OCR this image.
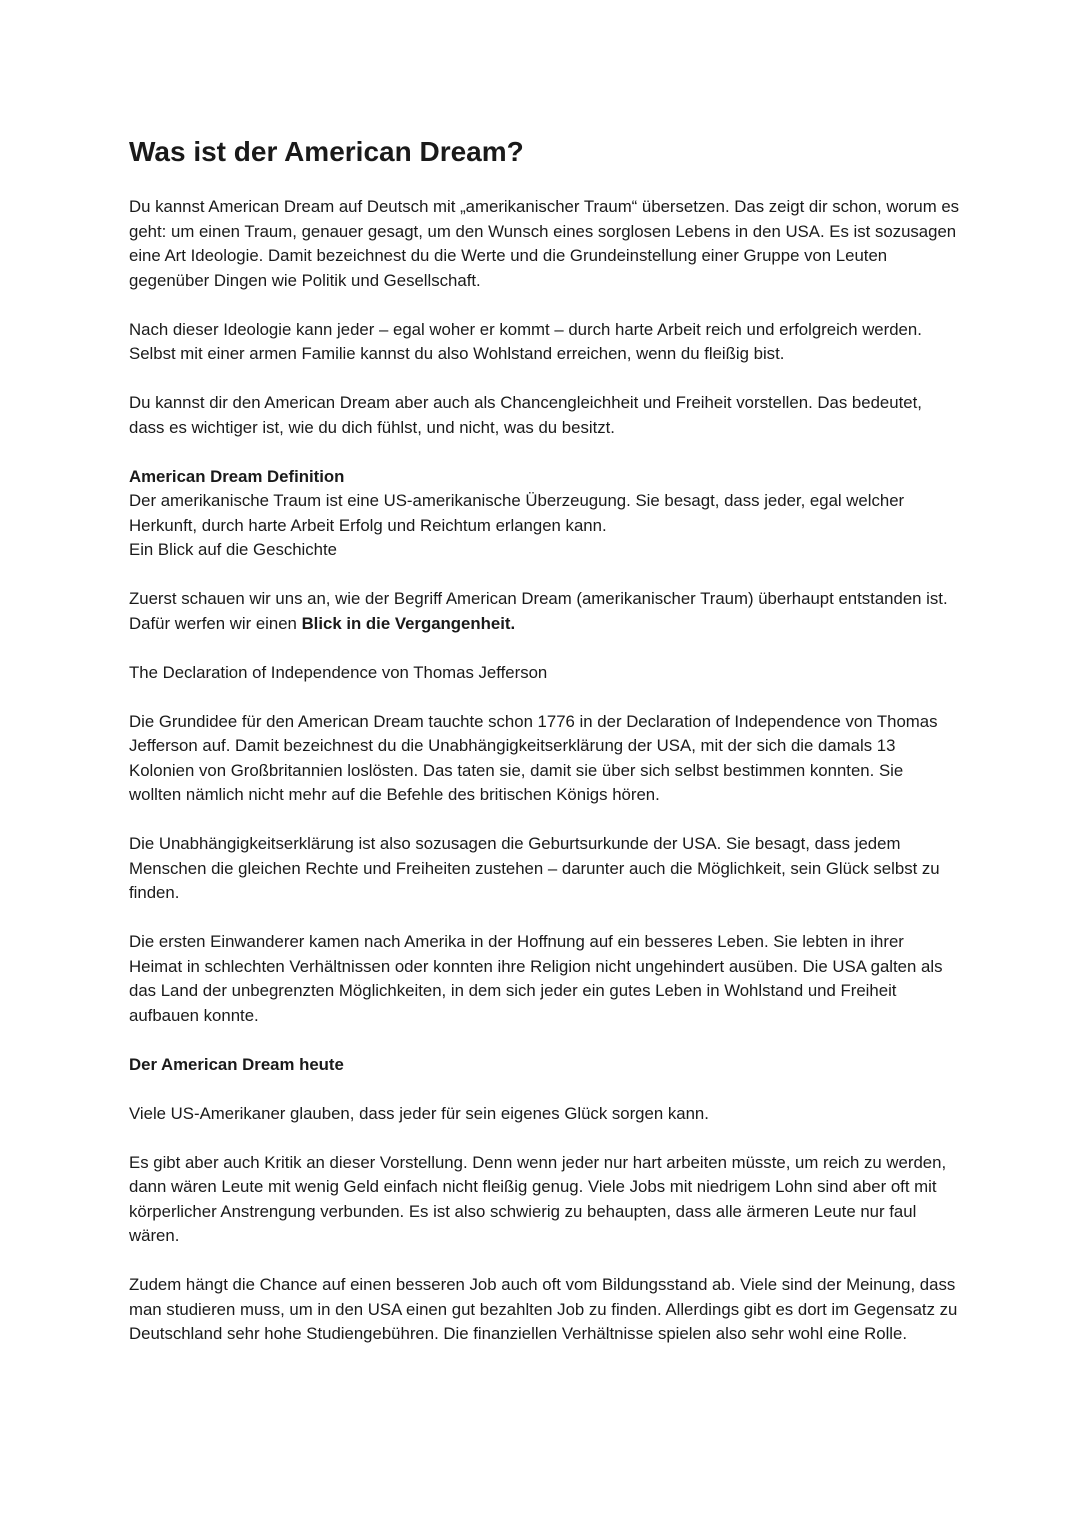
Was ist der American Dream?

Du kannst American Dream auf Deutsch mit „amerikanischer Traum“ übersetzen. Das zeigt dir schon, worum es geht: um einen Traum, genauer gesagt, um den Wunsch eines sorglosen Lebens in den USA. Es ist sozusagen eine Art Ideologie. Damit bezeichnest du die Werte und die Grundeinstellung einer Gruppe von Leuten gegenüber Dingen wie Politik und Gesellschaft.

Nach dieser Ideologie kann jeder – egal woher er kommt – durch harte Arbeit reich und erfolgreich werden. Selbst mit einer armen Familie kannst du also Wohlstand erreichen, wenn du fleißig bist.

Du kannst dir den American Dream aber auch als Chancengleichheit und Freiheit vorstellen. Das bedeutet, dass es wichtiger ist, wie du dich fühlst, und nicht, was du besitzt.

American Dream Definition
Der amerikanische Traum ist eine US-amerikanische Überzeugung. Sie besagt, dass jeder, egal welcher Herkunft, durch harte Arbeit Erfolg und Reichtum erlangen kann.
Ein Blick auf die Geschichte

Zuerst schauen wir uns an, wie der Begriff American Dream (amerikanischer Traum) überhaupt entstanden ist. Dafür werfen wir einen Blick in die Vergangenheit.

The Declaration of Independence von Thomas Jefferson

Die Grundidee für den American Dream tauchte schon 1776 in der Declaration of Independence von Thomas Jefferson auf. Damit bezeichnest du die Unabhängigkeitserklärung der USA, mit der sich die damals 13 Kolonien von Großbritannien loslösten. Das taten sie, damit sie über sich selbst bestimmen konnten. Sie wollten nämlich nicht mehr auf die Befehle des britischen Königs hören.

Die Unabhängigkeitserklärung ist also sozusagen die Geburtsurkunde der USA. Sie besagt, dass jedem Menschen die gleichen Rechte und Freiheiten zustehen – darunter auch die Möglichkeit, sein Glück selbst zu finden.

Die ersten Einwanderer kamen nach Amerika in der Hoffnung auf ein besseres Leben. Sie lebten in ihrer Heimat in schlechten Verhältnissen oder konnten ihre Religion nicht ungehindert ausüben. Die USA galten als das Land der unbegrenzten Möglichkeiten, in dem sich jeder ein gutes Leben in Wohlstand und Freiheit aufbauen konnte.

Der American Dream heute

Viele US-Amerikaner glauben, dass jeder für sein eigenes Glück sorgen kann.

Es gibt aber auch Kritik an dieser Vorstellung. Denn wenn jeder nur hart arbeiten müsste, um reich zu werden, dann wären Leute mit wenig Geld einfach nicht fleißig genug. Viele Jobs mit niedrigem Lohn sind aber oft mit körperlicher Anstrengung verbunden. Es ist also schwierig zu behaupten, dass alle ärmeren Leute nur faul wären.

Zudem hängt die Chance auf einen besseren Job auch oft vom Bildungsstand ab. Viele sind der Meinung, dass man studieren muss, um in den USA einen gut bezahlten Job zu finden. Allerdings gibt es dort im Gegensatz zu Deutschland sehr hohe Studiengebühren. Die finanziellen Verhältnisse spielen also sehr wohl eine Rolle.
